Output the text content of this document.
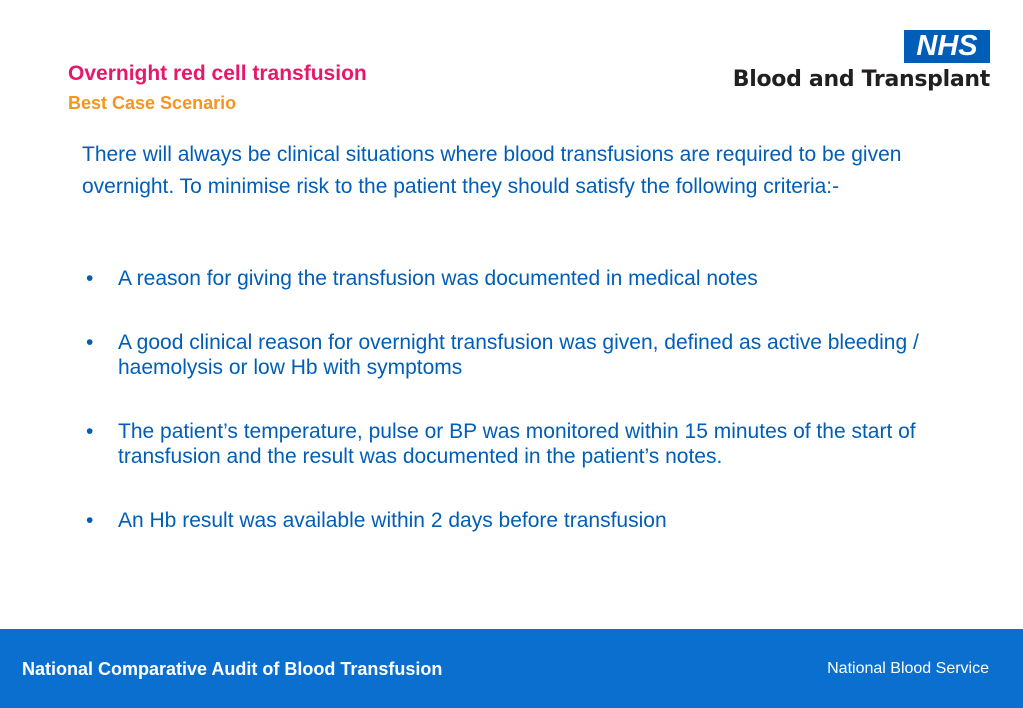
Overnight red cell transfusion
Best Case Scenario
NHS
Blood and Transplant
There will always be clinical situations where blood transfusions are required to be given overnight. To minimise risk to the patient they should satisfy the following criteria:-
• A reason for giving the transfusion was documented in medical notes
• A good clinical reason for overnight transfusion was given, defined as active bleeding / haemolysis or low Hb with symptoms
• The patient’s temperature, pulse or BP was monitored within 15 minutes of the start of transfusion and the result was documented in the patient’s notes.
• An Hb result was available within 2 days before transfusion
National Comparative Audit of Blood Transfusion	National Blood Service
